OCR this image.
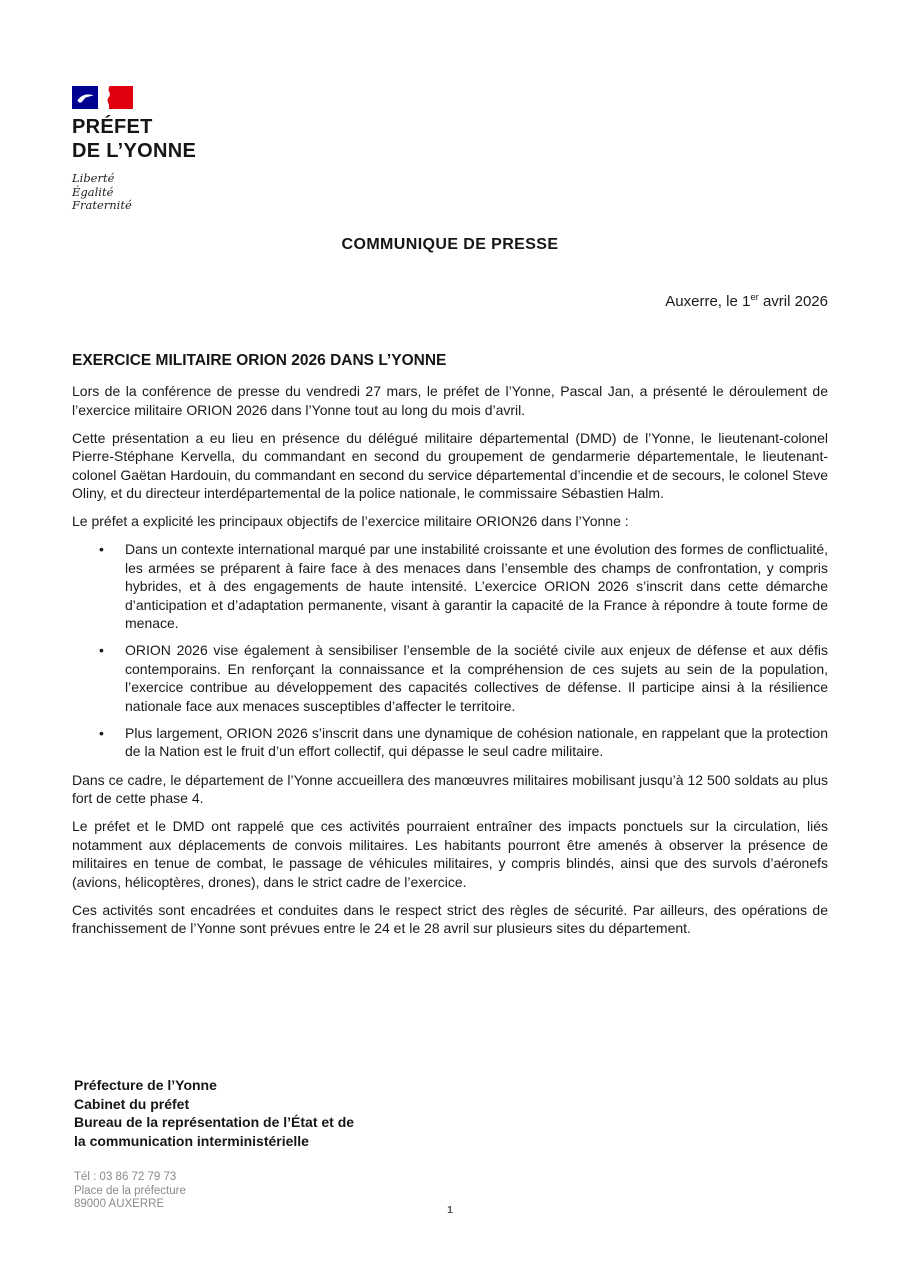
PRÉFET
DE L’YONNE
Liberté
Égalité
Fraternité
COMMUNIQUE DE PRESSE
Auxerre, le 1er avril 2026
EXERCICE MILITAIRE ORION 2026 DANS L’YONNE

Lors de la conférence de presse du vendredi 27 mars, le préfet de l’Yonne, Pascal Jan, a présenté le déroulement de l’exercice militaire ORION 2026 dans l’Yonne tout au long du mois d’avril.

Cette présentation a eu lieu en présence du délégué militaire départemental (DMD) de l’Yonne, le lieutenant-colonel Pierre-Stéphane Kervella, du commandant en second du groupement de gendarmerie départementale, le lieutenant-colonel Gaëtan Hardouin, du commandant en second du service départemental d’incendie et de secours, le colonel Steve Oliny, et du directeur interdépartemental de la police nationale, le commissaire Sébastien Halm.

Le préfet a explicité les principaux objectifs de l’exercice militaire ORION26 dans l’Yonne :

• Dans un contexte international marqué par une instabilité croissante et une évolution des formes de conflictualité, les armées se préparent à faire face à des menaces dans l’ensemble des champs de confrontation, y compris hybrides, et à des engagements de haute intensité. L’exercice ORION 2026 s’inscrit dans cette démarche d’anticipation et d’adaptation permanente, visant à garantir la capacité de la France à répondre à toute forme de menace.
• ORION 2026 vise également à sensibiliser l’ensemble de la société civile aux enjeux de défense et aux défis contemporains. En renforçant la connaissance et la compréhension de ces sujets au sein de la population, l’exercice contribue au développement des capacités collectives de défense. Il participe ainsi à la résilience nationale face aux menaces susceptibles d’affecter le territoire.
• Plus largement, ORION 2026 s’inscrit dans une dynamique de cohésion nationale, en rappelant que la protection de la Nation est le fruit d’un effort collectif, qui dépasse le seul cadre militaire.

Dans ce cadre, le département de l’Yonne accueillera des manœuvres militaires mobilisant jusqu’à 12 500 soldats au plus fort de cette phase 4.

Le préfet et le DMD ont rappelé que ces activités pourraient entraîner des impacts ponctuels sur la circulation, liés notamment aux déplacements de convois militaires. Les habitants pourront être amenés à observer la présence de militaires en tenue de combat, le passage de véhicules militaires, y compris blindés, ainsi que des survols d’aéronefs (avions, hélicoptères, drones), dans le strict cadre de l’exercice.

Ces activités sont encadrées et conduites dans le respect strict des règles de sécurité. Par ailleurs, des opérations de franchissement de l’Yonne sont prévues entre le 24 et le 28 avril sur plusieurs sites du département.

Préfecture de l’Yonne
Cabinet du préfet
Bureau de la représentation de l’État et de
la communication interministérielle
Tél : 03 86 72 79 73
Place de la préfecture
89000 AUXERRE	1
